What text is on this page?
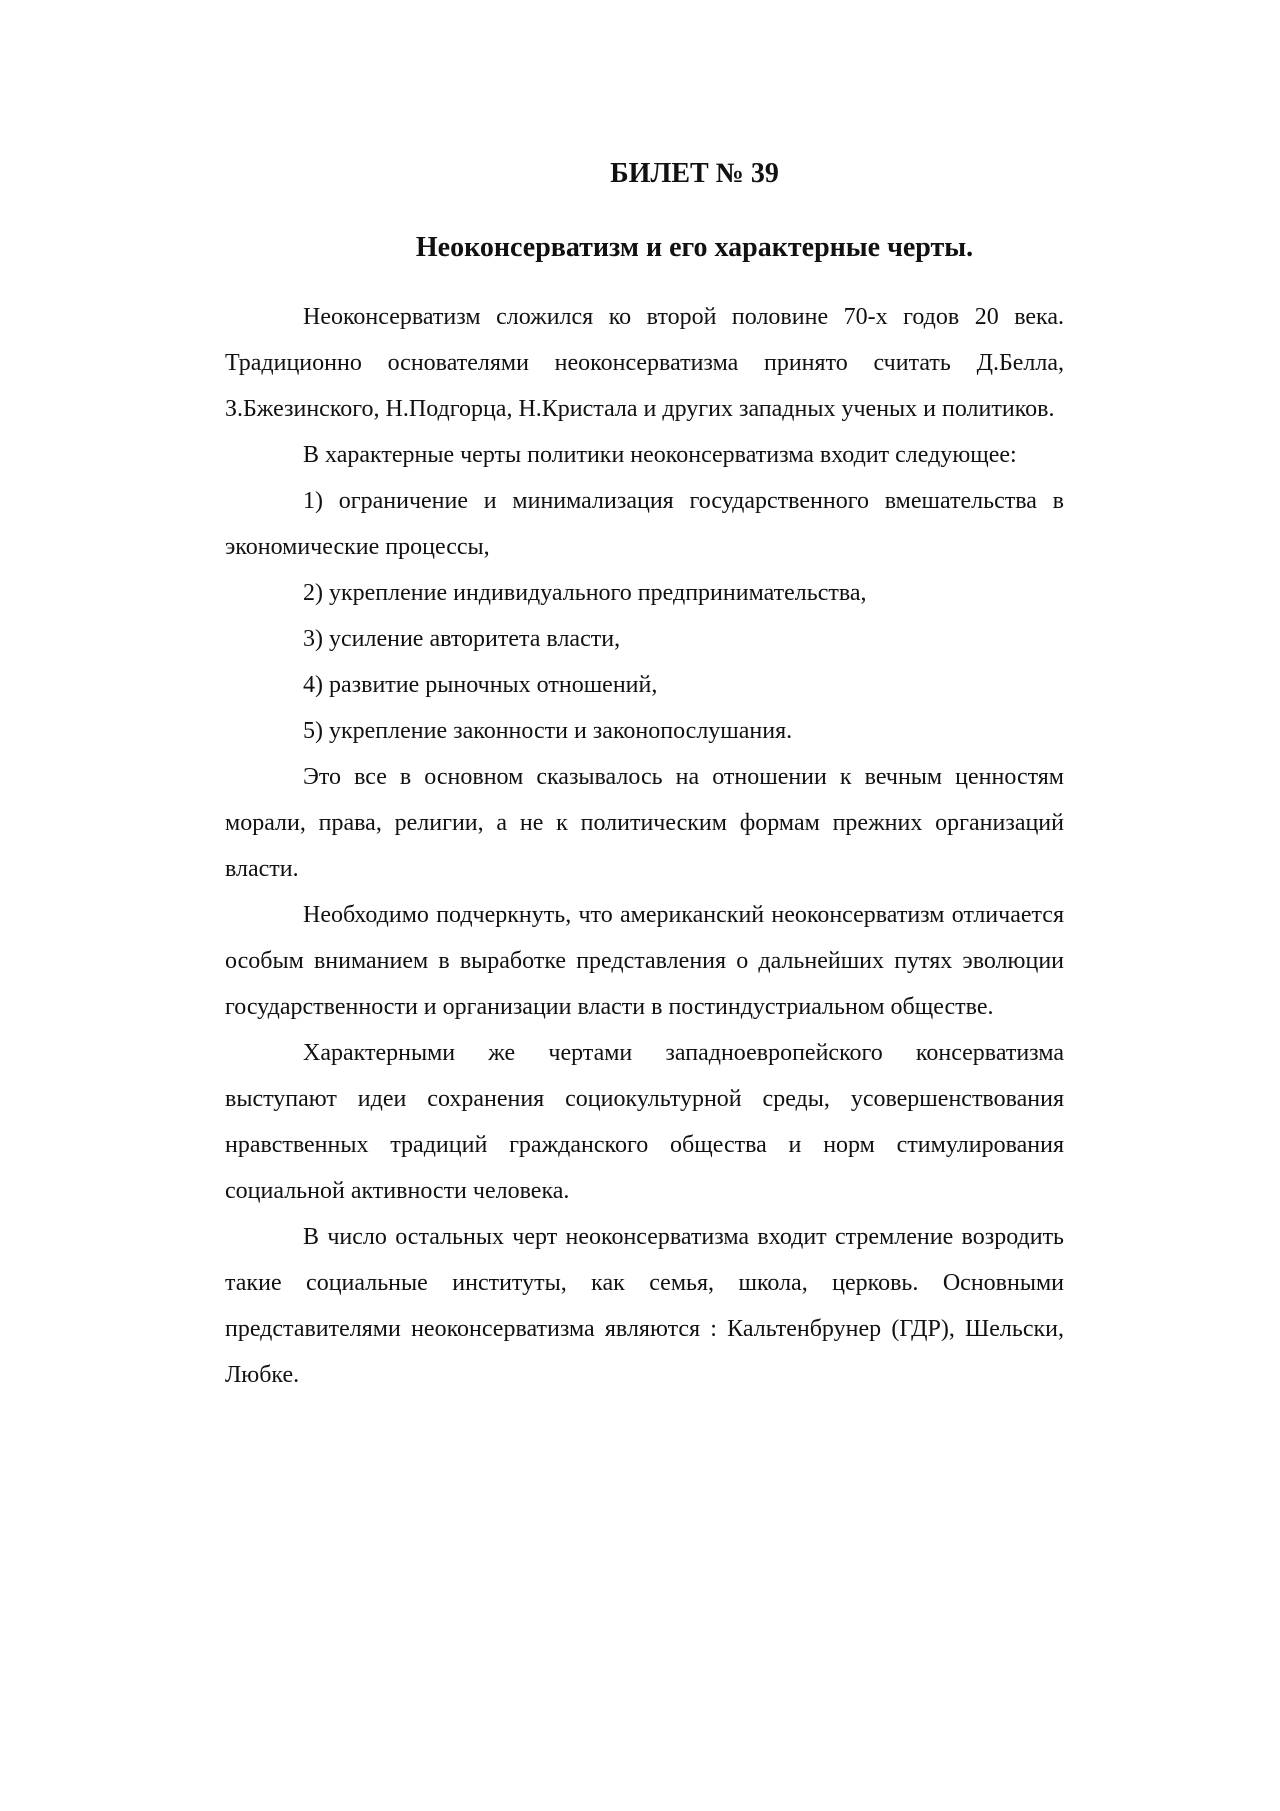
БИЛЕТ № 39
Неоконсерватизм и его характерные черты.

Неоконсерватизм сложился ко второй половине 70-х годов 20 века. Традиционно основателями неоконсерватизма принято считать Д.Белла, З.Бжезинского, Н.Подгорца, Н.Кристала и других западных ученых и политиков.

В характерные черты политики неоконсерватизма входит следующее:

1) ограничение и минимализация государственного вмешательства в экономические процессы,

2) укрепление индивидуального предпринимательства,

3) усиление авторитета власти,

4) развитие рыночных отношений,

5) укрепление законности и законопослушания.

Это все в основном сказывалось на отношении к вечным ценностям морали, права, религии, а не к политическим формам прежних организаций власти.

Необходимо подчеркнуть, что американский неоконсерватизм отличается особым вниманием в выработке представления о дальнейших путях эволюции государственности и организации власти в постиндустриальном обществе.

Характерными же чертами западноевропейского консерватизма выступают идеи сохранения социокультурной среды, усовершенствования нравственных традиций гражданского общества и норм стимулирования социальной активности человека.

В число остальных черт неоконсерватизма входит стремление возродить такие социальные институты, как семья, школа, церковь. Основными представителями неоконсерватизма являются : Кальтенбрунер (ГДР), Шельски, Любке.
